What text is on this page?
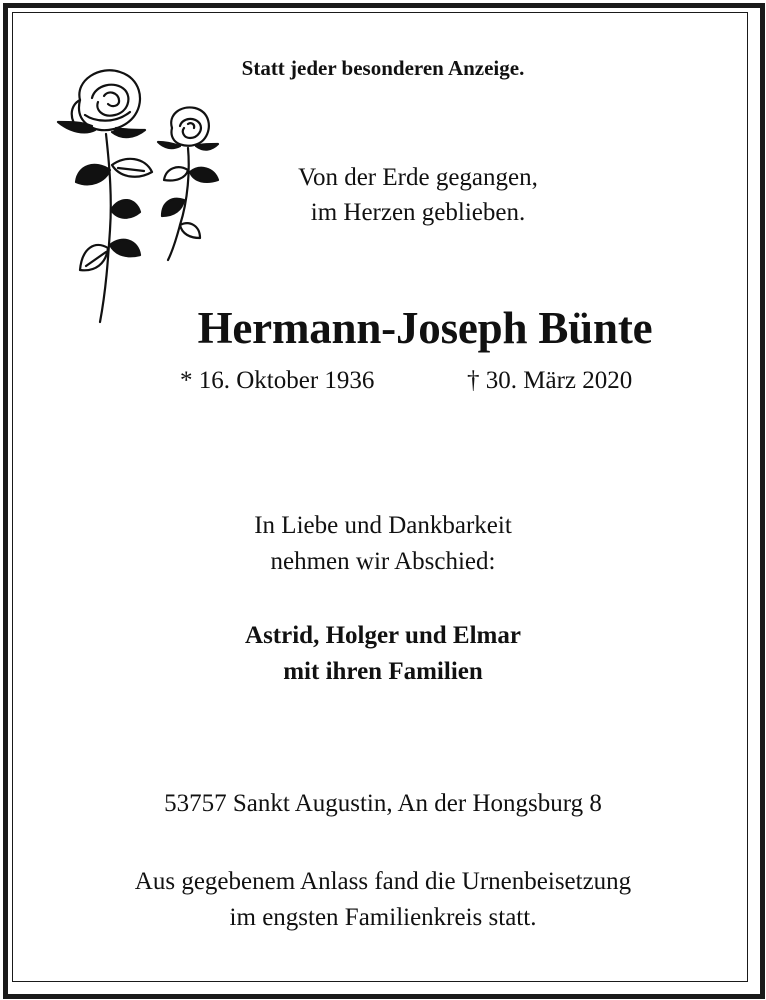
Statt jeder besonderen Anzeige.
Von der Erde gegangen,
im Herzen geblieben.
Hermann-Joseph Bünte
* 16. Oktober 1936	† 30. März 2020
In Liebe und Dankbarkeit
nehmen wir Abschied:
Astrid, Holger und Elmar
mit ihren Familien
53757 Sankt Augustin, An der Hongsburg 8
Aus gegebenem Anlass fand die Urnenbeisetzung
im engsten Familienkreis statt.
